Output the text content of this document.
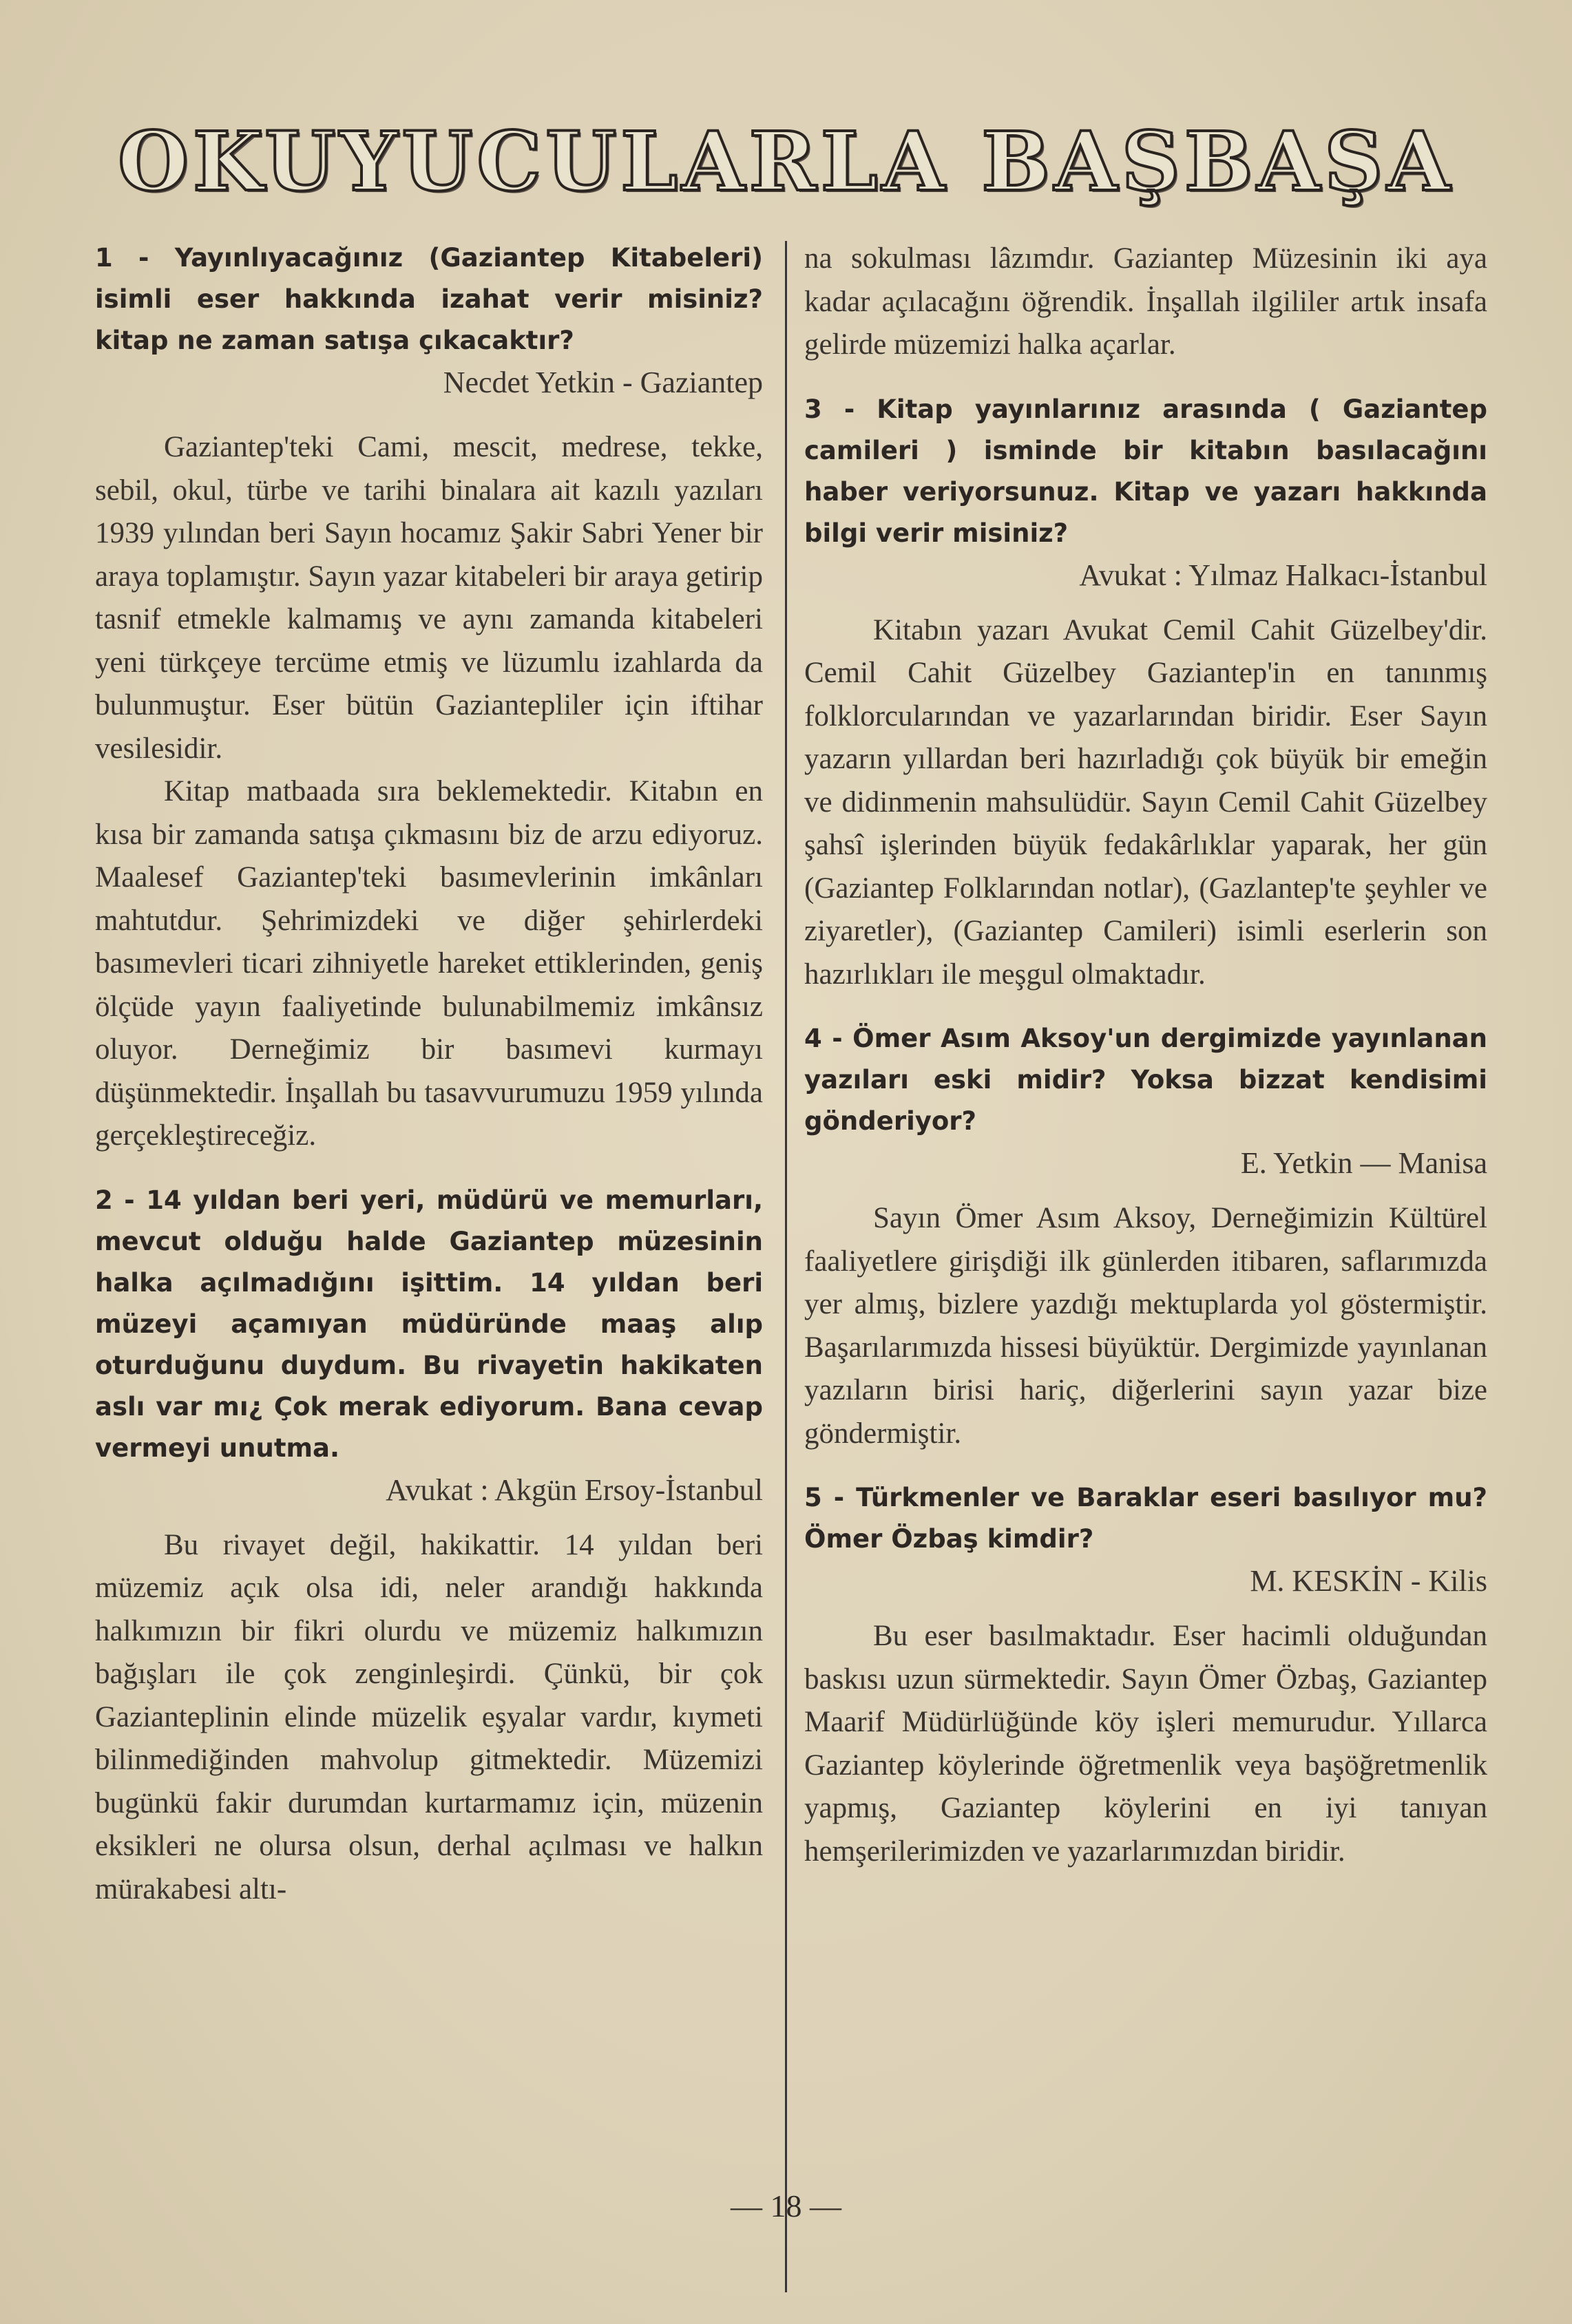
OKUYUCULARLA BAŞBAŞA

1 - Yayınlıyacağınız (Gaziantep Kitabeleri) isimli eser hakkında izahat verir misiniz? kitap ne zaman satışa çıkacaktır?

Necdet Yetkin - Gaziantep

Gaziantep'teki Cami, mescit, medrese, tekke, sebil, okul, türbe ve tarihi binalara ait kazılı yazıları 1939 yılından beri Sayın hocamız Şakir Sabri Yener bir araya toplamıştır. Sayın yazar kitabeleri bir araya getirip tasnif etmekle kalmamış ve aynı zamanda kitabeleri yeni türkçeye tercüme etmiş ve lüzumlu izahlarda da bulunmuştur. Eser bütün Gaziantepliler için iftihar vesilesidir.

Kitap matbaada sıra beklemektedir. Kitabın en kısa bir zamanda satışa çıkmasını biz de arzu ediyoruz. Maalesef Gaziantep'teki basımevlerinin imkânları mahtutdur. Şehrimizdeki ve diğer şehirlerdeki basımevleri ticari zihniyetle hareket ettiklerinden, geniş ölçüde yayın faaliyetinde bulunabilmemiz imkânsız oluyor. Derneğimiz bir basımevi kurmayı düşünmektedir. İnşallah bu tasavvurumuzu 1959 yılında gerçekleştireceğiz.

2 - 14 yıldan beri yeri, müdürü ve memurları, mevcut olduğu halde Gaziantep müzesinin halka açılmadığını işittim. 14 yıldan beri müzeyi açamıyan müdüründe maaş alıp oturduğunu duydum. Bu rivayetin hakikaten aslı var mı¿ Çok merak ediyorum. Bana cevap vermeyi unutma.

Avukat : Akgün Ersoy-İstanbul

Bu rivayet değil, hakikattir. 14 yıldan beri müzemiz açık olsa idi, neler arandığı hakkında halkımızın bir fikri olurdu ve müzemiz halkımızın bağışları ile çok zenginleşirdi. Çünkü, bir çok Gazianteplinin elinde müzelik eşyalar vardır, kıymeti bilinmediğinden mahvolup gitmektedir. Müzemizi bugünkü fakir durumdan kurtarmamız için, müzenin eksikleri ne olursa olsun, derhal açılması ve halkın mürakabesi altı-

na sokulması lâzımdır. Gaziantep Müzesinin iki aya kadar açılacağını öğrendik. İnşallah ilgililer artık insafa gelirde müzemizi halka açarlar.

3 - Kitap yayınlarınız arasında ( Gaziantep camileri ) isminde bir kitabın basılacağını haber veriyorsunuz. Kitap ve yazarı hakkında bilgi verir misiniz?

Avukat : Yılmaz Halkacı-İstanbul

Kitabın yazarı Avukat Cemil Cahit Güzelbey'dir. Cemil Cahit Güzelbey Gaziantep'in en tanınmış folklorcularından ve yazarlarından biridir. Eser Sayın yazarın yıllardan beri hazırladığı çok büyük bir emeğin ve didinmenin mahsulüdür. Sayın Cemil Cahit Güzelbey şahsî işlerinden büyük fedakârlıklar yaparak, her gün (Gaziantep Folklarından notlar), (Gazlantep'te şeyhler ve ziyaretler), (Gaziantep Camileri) isimli eserlerin son hazırlıkları ile meşgul olmaktadır.

4 - Ömer Asım Aksoy'un dergimizde yayınlanan yazıları eski midir? Yoksa bizzat kendisimi gönderiyor?

E. Yetkin — Manisa

Sayın Ömer Asım Aksoy, Derneğimizin Kültürel faaliyetlere girişdiği ilk günlerden itibaren, saflarımızda yer almış, bizlere yazdığı mektuplarda yol göstermiştir. Başarılarımızda hissesi büyüktür. Dergimizde yayınlanan yazıların birisi hariç, diğerlerini sayın yazar bize göndermiştir.

5 - Türkmenler ve Baraklar eseri basılıyor mu? Ömer Özbaş kimdir?

M. KESKİN - Kilis

Bu eser basılmaktadır. Eser hacimli olduğundan baskısı uzun sürmektedir. Sayın Ömer Özbaş, Gaziantep Maarif Müdürlüğünde köy işleri memurudur. Yıllarca Gaziantep köylerinde öğretmenlik veya başöğretmenlik yapmış, Gaziantep köylerini en iyi tanıyan hemşerilerimizden ve yazarlarımızdan biridir.

— 18 —
